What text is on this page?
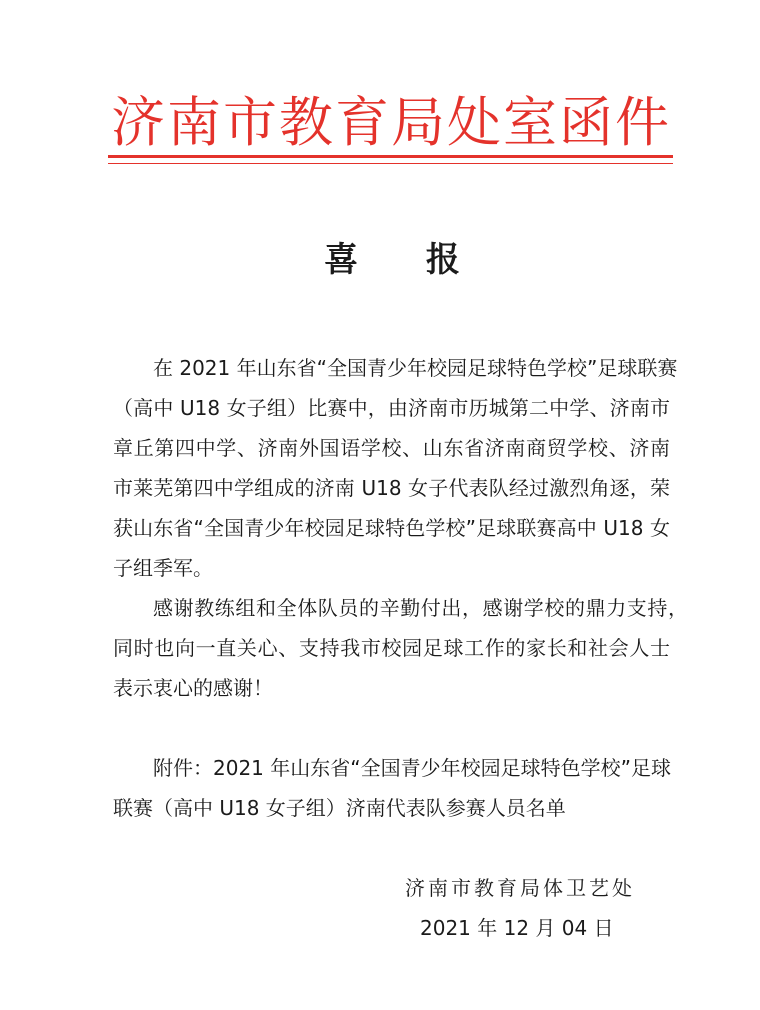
济南市教育局处室函件
喜 报
在 2021 年山东省“全国青少年校园足球特色学校”足球联赛
（高中 U18 女子组）比赛中，由济南市历城第二中学、济南市
章丘第四中学、济南外国语学校、山东省济南商贸学校、济南
市莱芜第四中学组成的济南 U18 女子代表队经过激烈角逐，荣
获山东省“全国青少年校园足球特色学校”足球联赛高中 U18 女
子组季军。
感谢教练组和全体队员的辛勤付出，感谢学校的鼎力支持，
同时也向一直关心、支持我市校园足球工作的家长和社会人士
表示衷心的感谢！
附件：2021 年山东省“全国青少年校园足球特色学校”足球
联赛（高中 U18 女子组）济南代表队参赛人员名单
济南市教育局体卫艺处
2021 年 12 月 04 日
